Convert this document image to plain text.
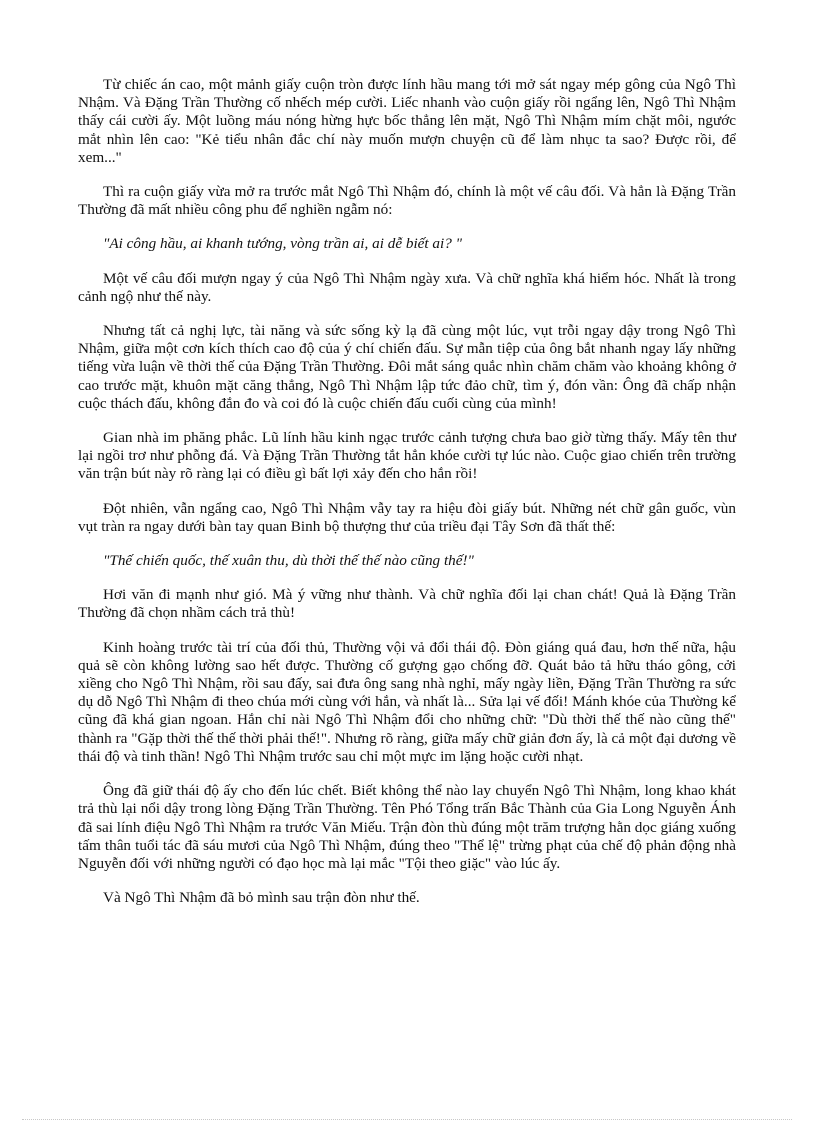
Từ chiếc án cao, một mảnh giấy cuộn tròn được lính hầu mang tới mở sát ngay mép gông của Ngô Thì Nhậm. Và Đặng Trần Thường cố nhếch mép cười. Liếc nhanh vào cuộn giấy rồi ngẩng lên, Ngô Thì Nhậm thấy cái cười ấy. Một luồng máu nóng hừng hực bốc thẳng lên mặt, Ngô Thì Nhậm mím chặt môi, ngước mắt nhìn lên cao: "Kẻ tiểu nhân đắc chí này muốn mượn chuyện cũ để làm nhục ta sao? Được rồi, để xem..."

Thì ra cuộn giấy vừa mở ra trước mắt Ngô Thì Nhậm đó, chính là một vế câu đối. Và hẳn là Đặng Trần Thường đã mất nhiều công phu để nghiền ngẫm nó:

"Ai công hầu, ai khanh tướng, vòng trần ai, ai dễ biết ai? "

Một vế câu đối mượn ngay ý của Ngô Thì Nhậm ngày xưa. Và chữ nghĩa khá hiểm hóc. Nhất là trong cảnh ngộ như thế này.

Nhưng tất cả nghị lực, tài năng và sức sống kỳ lạ đã cùng một lúc, vụt trỗi ngay dậy trong Ngô Thì Nhậm, giữa một cơn kích thích cao độ của ý chí chiến đấu. Sự mẫn tiệp của ông bắt nhanh ngay lấy những tiếng vừa luận về thời thế của Đặng Trần Thường. Đôi mắt sáng quắc nhìn chăm chăm vào khoảng không ở cao trước mặt, khuôn mặt căng thẳng, Ngô Thì Nhậm lập tức đảo chữ, tìm ý, đón vần: Ông đã chấp nhận cuộc thách đấu, không đắn đo và coi đó là cuộc chiến đấu cuối cùng của mình!

Gian nhà im phăng phắc. Lũ lính hầu kinh ngạc trước cảnh tượng chưa bao giờ từng thấy. Mấy tên thư lại ngồi trơ như phỗng đá. Và Đặng Trần Thường tắt hẳn khóe cười tự lúc nào. Cuộc giao chiến trên trường văn trận bút này rõ ràng lại có điều gì bất lợi xảy đến cho hắn rồi!

Đột nhiên, vẫn ngẩng cao, Ngô Thì Nhậm vẫy tay ra hiệu đòi giấy bút. Những nét chữ gân guốc, vùn vụt tràn ra ngay dưới bàn tay quan Binh bộ thượng thư của triều đại Tây Sơn đã thất thế:

"Thế chiến quốc, thế xuân thu, dù thời thế thế nào cũng thế!"

Hơi văn đi mạnh như gió. Mà ý vững như thành. Và chữ nghĩa đối lại chan chát! Quả là Đặng Trần Thường đã chọn nhầm cách trả thù!

Kinh hoàng trước tài trí của đối thủ, Thường vội vả đổi thái độ. Đòn giáng quá đau, hơn thế nữa, hậu quả sẽ còn không lường sao hết được. Thường cố gượng gạo chống đỡ. Quát bảo tả hữu tháo gông, cởi xiềng cho Ngô Thì Nhậm, rồi sau đấy, sai đưa ông sang nhà nghỉ, mấy ngày liền, Đặng Trần Thường ra sức dụ dỗ Ngô Thì Nhậm đi theo chúa mới cùng với hắn, và nhất là... Sửa lại vế đối! Mánh khóe của Thường kể cũng đã khá gian ngoan. Hắn chỉ nài Ngô Thì Nhậm đổi cho những chữ: "Dù thời thế thế nào cũng thế" thành ra "Gặp thời thế thế thời phải thế!". Nhưng rõ ràng, giữa mấy chữ giản đơn ấy, là cả một đại dương về thái độ và tinh thần! Ngô Thì Nhậm trước sau chỉ một mực im lặng hoặc cười nhạt.

Ông đã giữ thái độ ấy cho đến lúc chết. Biết không thể nào lay chuyển Ngô Thì Nhậm, long khao khát trả thù lại nổi dậy trong lòng Đặng Trần Thường. Tên Phó Tổng trấn Bắc Thành của Gia Long Nguyễn Ánh đã sai lính điệu Ngô Thì Nhậm ra trước Văn Miếu. Trận đòn thù đúng một trăm trượng hằn dọc giáng xuống tấm thân tuổi tác đã sáu mươi của Ngô Thì Nhậm, đúng theo "Thể lệ" trừng phạt của chế độ phản động nhà Nguyễn đối với những người có đạo học mà lại mắc "Tội theo giặc" vào lúc ấy.

Và Ngô Thì Nhậm đã bỏ mình sau trận đòn như thế.
